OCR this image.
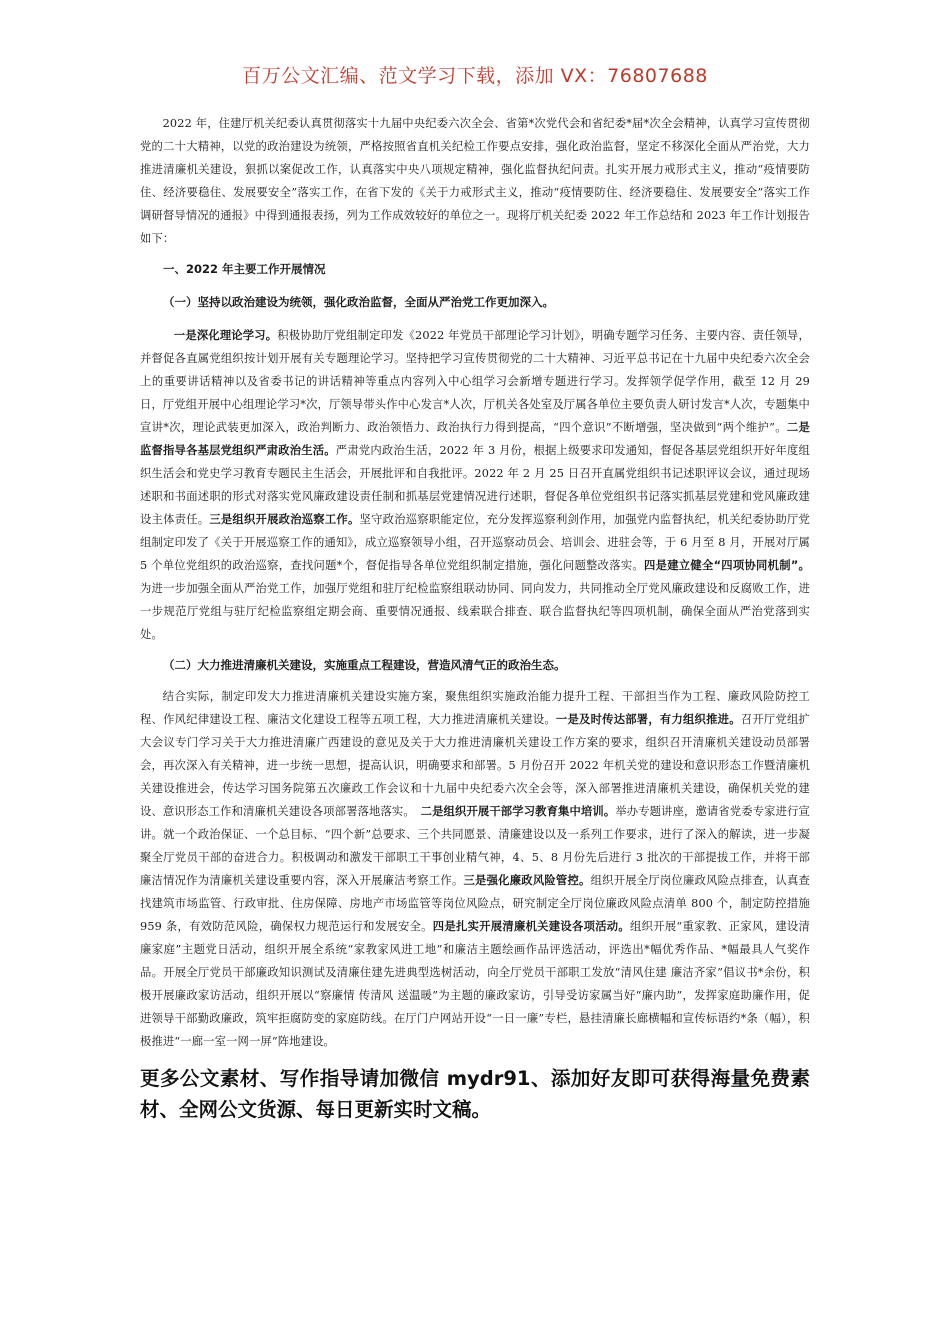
百万公文汇编、范文学习下载，添加 VX：76807688

2022 年，住建厅机关纪委认真贯彻落实十九届中央纪委六次全会、省第*次党代会和省纪委*届*次全会精神，认真学习宣传贯彻党的二十大精神，以党的政治建设为统领，严格按照省直机关纪检工作要点安排，强化政治监督，坚定不移深化全面从严治党，大力推进清廉机关建设，狠抓以案促改工作，认真落实中央八项规定精神，强化监督执纪问责。扎实开展力戒形式主义，推动“疫情要防住、经济要稳住、发展要安全”落实工作，在省下发的《关于力戒形式主义，推动“疫情要防住、经济要稳住、发展要安全”落实工作调研督导情况的通报》中得到通报表扬，列为工作成效较好的单位之一。现将厅机关纪委 2022 年工作总结和 2023 年工作计划报告如下：

一、2022 年主要工作开展情况

（一）坚持以政治建设为统领，强化政治监督，全面从严治党工作更加深入。

一是深化理论学习。积极协助厅党组制定印发《2022 年党员干部理论学习计划》，明确专题学习任务、主要内容、责任领导，并督促各直属党组织按计划开展有关专题理论学习。坚持把学习宣传贯彻党的二十大精神、习近平总书记在十九届中央纪委六次全会上的重要讲话精神以及省委书记的讲话精神等重点内容列入中心组学习会新增专题进行学习。发挥领学促学作用，截至 12 月 29 日，厅党组开展中心组理论学习*次，厅领导带头作中心发言*人次，厅机关各处室及厅属各单位主要负责人研讨发言*人次，专题集中宣讲*次，理论武装更加深入，政治判断力、政治领悟力、政治执行力得到提高，“四个意识”不断增强，坚决做到“两个维护”。二是监督指导各基层党组织严肃政治生活。严肃党内政治生活，2022 年 3 月份，根据上级要求印发通知，督促各基层党组织开好年度组织生活会和党史学习教育专题民主生活会，开展批评和自我批评。2022 年 2 月 25 日召开直属党组织书记述职评议会议，通过现场述职和书面述职的形式对落实党风廉政建设责任制和抓基层党建情况进行述职，督促各单位党组织书记落实抓基层党建和党风廉政建设主体责任。三是组织开展政治巡察工作。坚守政治巡察职能定位，充分发挥巡察利剑作用，加强党内监督执纪，机关纪委协助厅党组制定印发了《关于开展巡察工作的通知》，成立巡察领导小组，召开巡察动员会、培训会、进驻会等，于 6 月至 8 月，开展对厅属 5 个单位党组织的政治巡察，查找问题*个，督促指导各单位党组织制定措施，强化问题整改落实。四是建立健全“四项协同机制”。为进一步加强全面从严治党工作，加强厅党组和驻厅纪检监察组联动协同、同向发力，共同推动全厅党风廉政建设和反腐败工作，进一步规范厅党组与驻厅纪检监察组定期会商、重要情况通报、线索联合排查、联合监督执纪等四项机制，确保全面从严治党落到实处。

（二）大力推进清廉机关建设，实施重点工程建设，营造风清气正的政治生态。

结合实际，制定印发大力推进清廉机关建设实施方案，聚焦组织实施政治能力提升工程、干部担当作为工程、廉政风险防控工程、作风纪律建设工程、廉洁文化建设工程等五项工程，大力推进清廉机关建设。一是及时传达部署，有力组织推进。召开厅党组扩大会议专门学习关于大力推进清廉广西建设的意见及关于大力推进清廉机关建设工作方案的要求，组织召开清廉机关建设动员部署会，再次深入有关精神，进一步统一思想，提高认识，明确要求和部署。5 月份召开 2022 年机关党的建设和意识形态工作暨清廉机关建设推进会，传达学习国务院第五次廉政工作会议和十九届中央纪委六次全会等，深入部署推进清廉机关建设，确保机关党的建设、意识形态工作和清廉机关建设各项部署落地落实。　二是组织开展干部学习教育集中培训。举办专题讲座，邀请省党委专家进行宣讲。就一个政治保证、一个总目标、“四个新”总要求、三个共同愿景、清廉建设以及一系列工作要求，进行了深入的解读，进一步凝聚全厅党员干部的奋进合力。积极调动和激发干部职工干事创业精气神，4、5、8 月份先后进行 3 批次的干部提拔工作，并将干部廉洁情况作为清廉机关建设重要内容，深入开展廉洁考察工作。三是强化廉政风险管控。组织开展全厅岗位廉政风险点排查，认真查找建筑市场监管、行政审批、住房保障、房地产市场监管等岗位风险点，研究制定全厅岗位廉政风险点清单 800 个，制定防控措施 959 条，有效防范风险，确保权力规范运行和发展安全。四是扎实开展清廉机关建设各项活动。组织开展“重家教、正家风，建设清廉家庭”主题党日活动，组织开展全系统“家教家风进工地”和廉洁主题绘画作品评选活动，评选出*幅优秀作品、*幅最具人气奖作品。开展全厅党员干部廉政知识测试及清廉住建先进典型选树活动，向全厅党员干部职工发放“清风住建 廉洁齐家”倡议书*余份，积极开展廉政家访活动，组织开展以“察廉情 传清风 送温暖”为主题的廉政家访，引导受访家属当好“廉内助”，发挥家庭助廉作用，促进领导干部勤政廉政，筑牢拒腐防变的家庭防线。在厅门户网站开设“一日一廉”专栏，悬挂清廉长廊横幅和宣传标语约*条（幅），积极推进“一廊一室一网一屏”阵地建设。

更多公文素材、写作指导请加微信 mydr91、添加好友即可获得海量免费素材、全网公文货源、每日更新实时文稿。
